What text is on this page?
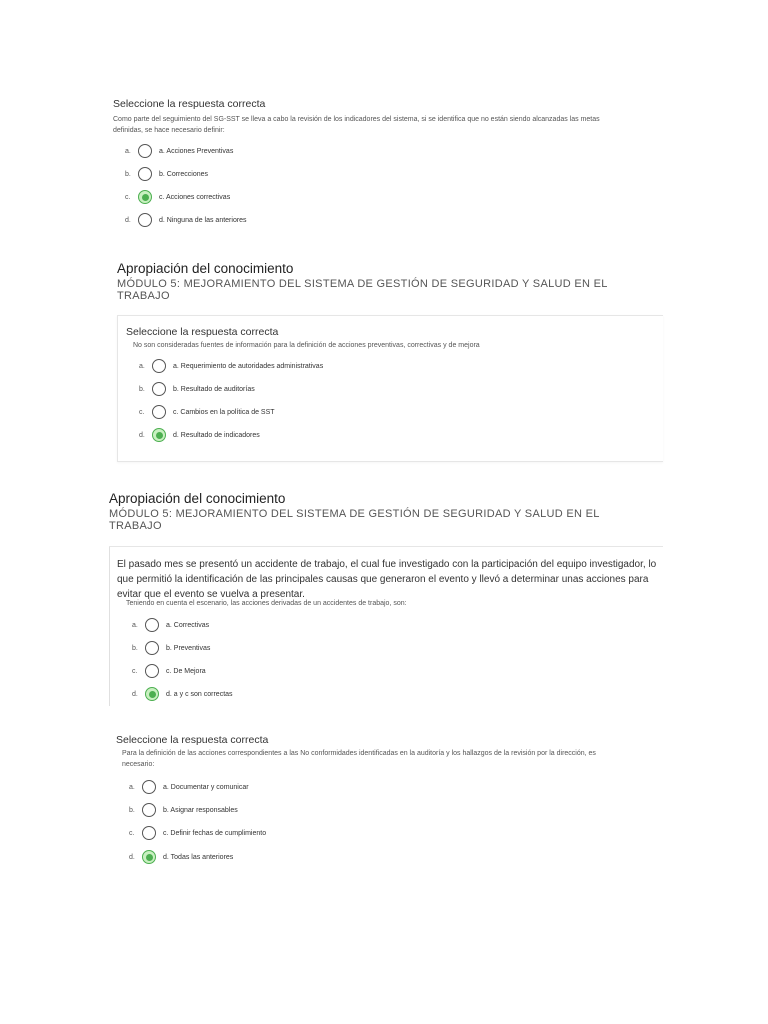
Seleccione la respuesta correcta
Como parte del seguimiento del SG-SST se lleva a cabo la revisión de los indicadores del sistema, si se identifica que no están siendo alcanzadas las metas
definidas, se hace necesario definir:
a.	a. Acciones Preventivas
b.	b. Correcciones
c.	c. Acciones correctivas
d.	d. Ninguna de las anteriores
Apropiación del conocimiento
MÓDULO 5: MEJORAMIENTO DEL SISTEMA DE GESTIÓN DE SEGURIDAD Y SALUD EN EL
TRABAJO
Seleccione la respuesta correcta
No son consideradas fuentes de información para la definición de acciones preventivas, correctivas y de mejora
a.	a. Requerimiento de autoridades administrativas
b.	b. Resultado de auditorías
c.	c. Cambios en la política de SST
d.	d. Resultado de indicadores
Apropiación del conocimiento
MÓDULO 5: MEJORAMIENTO DEL SISTEMA DE GESTIÓN DE SEGURIDAD Y SALUD EN EL
TRABAJO
El pasado mes se presentó un accidente de trabajo, el cual fue investigado con la participación del equipo investigador, lo
que permitió la identificación de las principales causas que generaron el evento y llevó a determinar unas acciones para
evitar que el evento se vuelva a presentar.
Teniendo en cuenta el escenario, las acciones derivadas de un accidentes de trabajo, son:
a.	a. Correctivas
b.	b. Preventivas
c.	c. De Mejora
d.	d. a y c son correctas
Seleccione la respuesta correcta
Para la definición de las acciones correspondientes a las No conformidades identificadas en la auditoría y los hallazgos de la revisión por la dirección, es
necesario:
a.	a. Documentar y comunicar
b.	b. Asignar responsables
c.	c. Definir fechas de cumplimiento
d.	d. Todas las anteriores
